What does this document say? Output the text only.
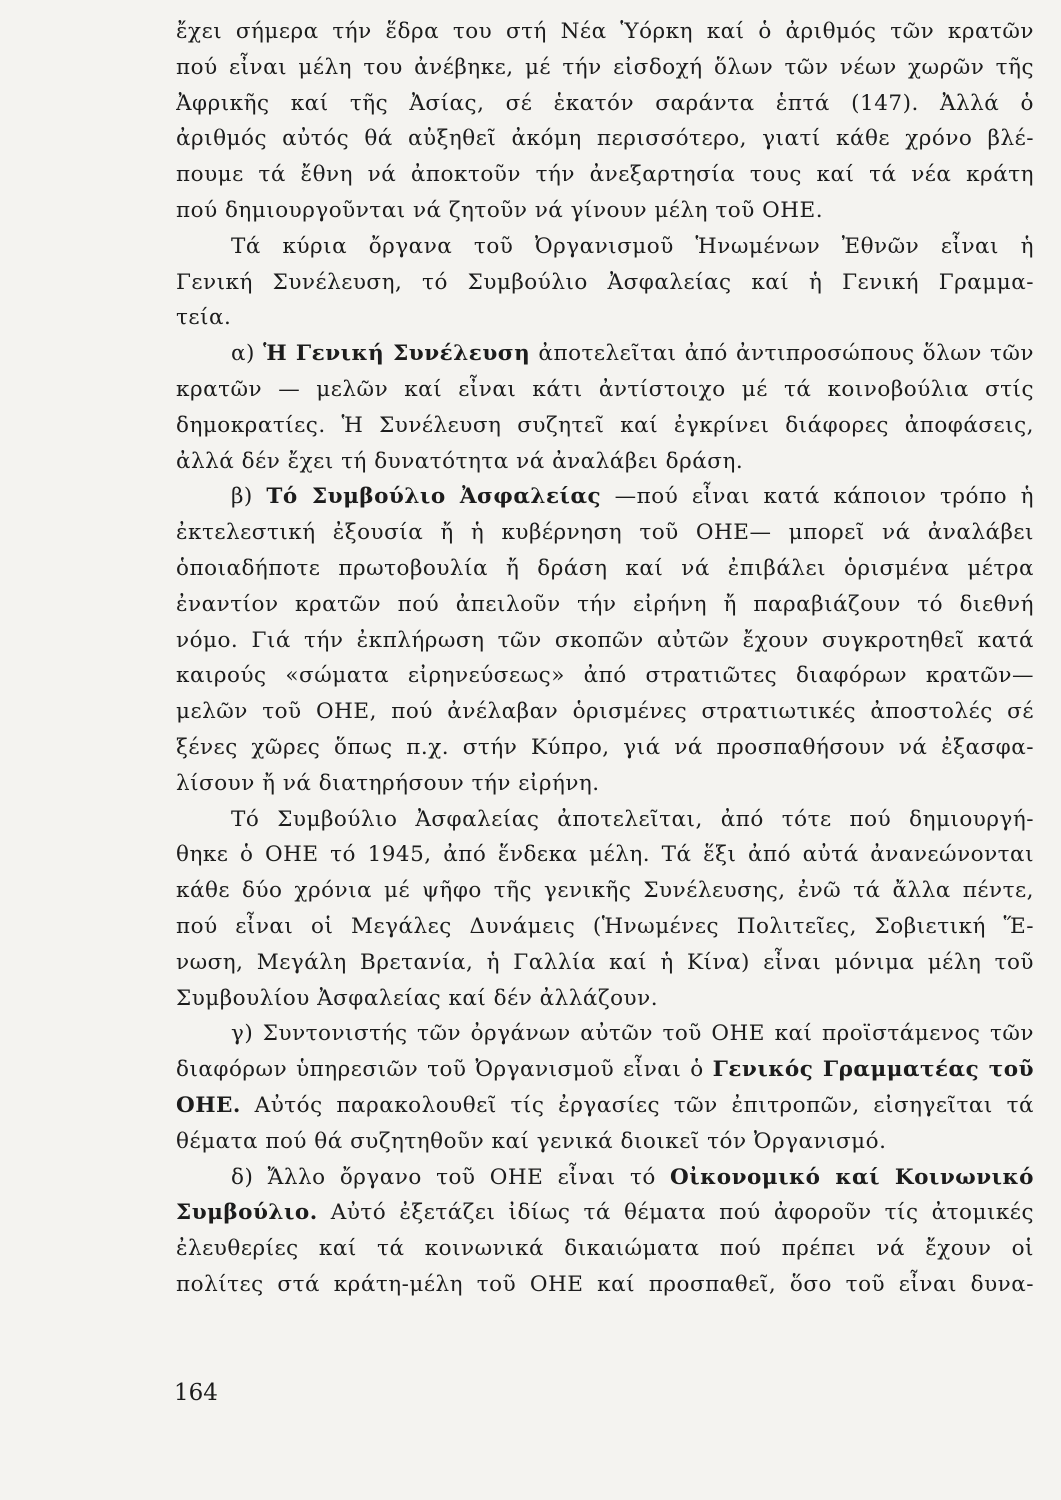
ἔχει σήμερα τήν ἕδρα του στή Νέα Ὑόρκη καί ὁ ἀριθμός τῶν κρατῶν
πού εἶναι μέλη του ἀνέβηκε, μέ τήν εἰσδοχή ὅλων τῶν νέων χωρῶν τῆς
Ἀφρικῆς καί τῆς Ἀσίας, σέ ἑκατόν σαράντα ἑπτά (147). Ἀλλά ὁ
ἀριθμός αὐτός θά αὐξηθεῖ ἀκόμη περισσότερο, γιατί κάθε χρόνο βλέ-
πουμε τά ἔθνη νά ἀποκτοῦν τήν ἀνεξαρτησία τους καί τά νέα κράτη
πού δημιουργοῦνται νά ζητοῦν νά γίνουν μέλη τοῦ ΟΗΕ.
Τά κύρια ὄργανα τοῦ Ὀργανισμοῦ Ἡνωμένων Ἐθνῶν εἶναι ἡ
Γενική Συνέλευση, τό Συμβούλιο Ἀσφαλείας καί ἡ Γενική Γραμμα-
τεία.
α) Ἡ Γενική Συνέλευση ἀποτελεῖται ἀπό ἀντιπροσώπους ὅλων τῶν
κρατῶν — μελῶν καί εἶναι κάτι ἀντίστοιχο μέ τά κοινοβούλια στίς
δημοκρατίες. Ἡ Συνέλευση συζητεῖ καί ἐγκρίνει διάφορες ἀποφάσεις,
ἀλλά δέν ἔχει τή δυνατότητα νά ἀναλάβει δράση.
β) Τό Συμβούλιο Ἀσφαλείας —πού εἶναι κατά κάποιον τρόπο ἡ
ἐκτελεστική ἐξουσία ἤ ἡ κυβέρνηση τοῦ ΟΗΕ— μπορεῖ νά ἀναλάβει
ὁποιαδήποτε πρωτοβουλία ἤ δράση καί νά ἐπιβάλει ὁρισμένα μέτρα
ἐναντίον κρατῶν πού ἀπειλοῦν τήν εἰρήνη ἤ παραβιάζουν τό διεθνή
νόμο. Γιά τήν ἐκπλήρωση τῶν σκοπῶν αὐτῶν ἔχουν συγκροτηθεῖ κατά
καιρούς «σώματα εἰρηνεύσεως» ἀπό στρατιῶτες διαφόρων κρατῶν—
μελῶν τοῦ ΟΗΕ, πού ἀνέλαβαν ὁρισμένες στρατιωτικές ἀποστολές σέ
ξένες χῶρες ὅπως π.χ. στήν Κύπρο, γιά νά προσπαθήσουν νά ἐξασφα-
λίσουν ἤ νά διατηρήσουν τήν εἰρήνη.
Τό Συμβούλιο Ἀσφαλείας ἀποτελεῖται, ἀπό τότε πού δημιουργή-
θηκε ὁ ΟΗΕ τό 1945, ἀπό ἕνδεκα μέλη. Τά ἕξι ἀπό αὐτά ἀνανεώνονται
κάθε δύο χρόνια μέ ψῆφο τῆς γενικῆς Συνέλευσης, ἐνῶ τά ἄλλα πέντε,
πού εἶναι οἱ Μεγάλες Δυνάμεις (Ἡνωμένες Πολιτεῖες, Σοβιετική Ἕ-
νωση, Μεγάλη Βρετανία, ἡ Γαλλία καί ἡ Κίνα) εἶναι μόνιμα μέλη τοῦ
Συμβουλίου Ἀσφαλείας καί δέν ἀλλάζουν.
γ) Συντονιστής τῶν ὀργάνων αὐτῶν τοῦ ΟΗΕ καί προϊστάμενος τῶν
διαφόρων ὑπηρεσιῶν τοῦ Ὀργανισμοῦ εἶναι ὁ Γενικός Γραμματέας τοῦ
ΟΗΕ. Αὐτός παρακολουθεῖ τίς ἐργασίες τῶν ἐπιτροπῶν, εἰσηγεῖται τά
θέματα πού θά συζητηθοῦν καί γενικά διοικεῖ τόν Ὀργανισμό.
δ) Ἄλλο ὄργανο τοῦ ΟΗΕ εἶναι τό Οἰκονομικό καί Κοινωνικό
Συμβούλιο. Αὐτό ἐξετάζει ἰδίως τά θέματα πού ἀφοροῦν τίς ἀτομικές
ἐλευθερίες καί τά κοινωνικά δικαιώματα πού πρέπει νά ἔχουν οἱ
πολίτες στά κράτη-μέλη τοῦ ΟΗΕ καί προσπαθεῖ, ὅσο τοῦ εἶναι δυνα-
164
